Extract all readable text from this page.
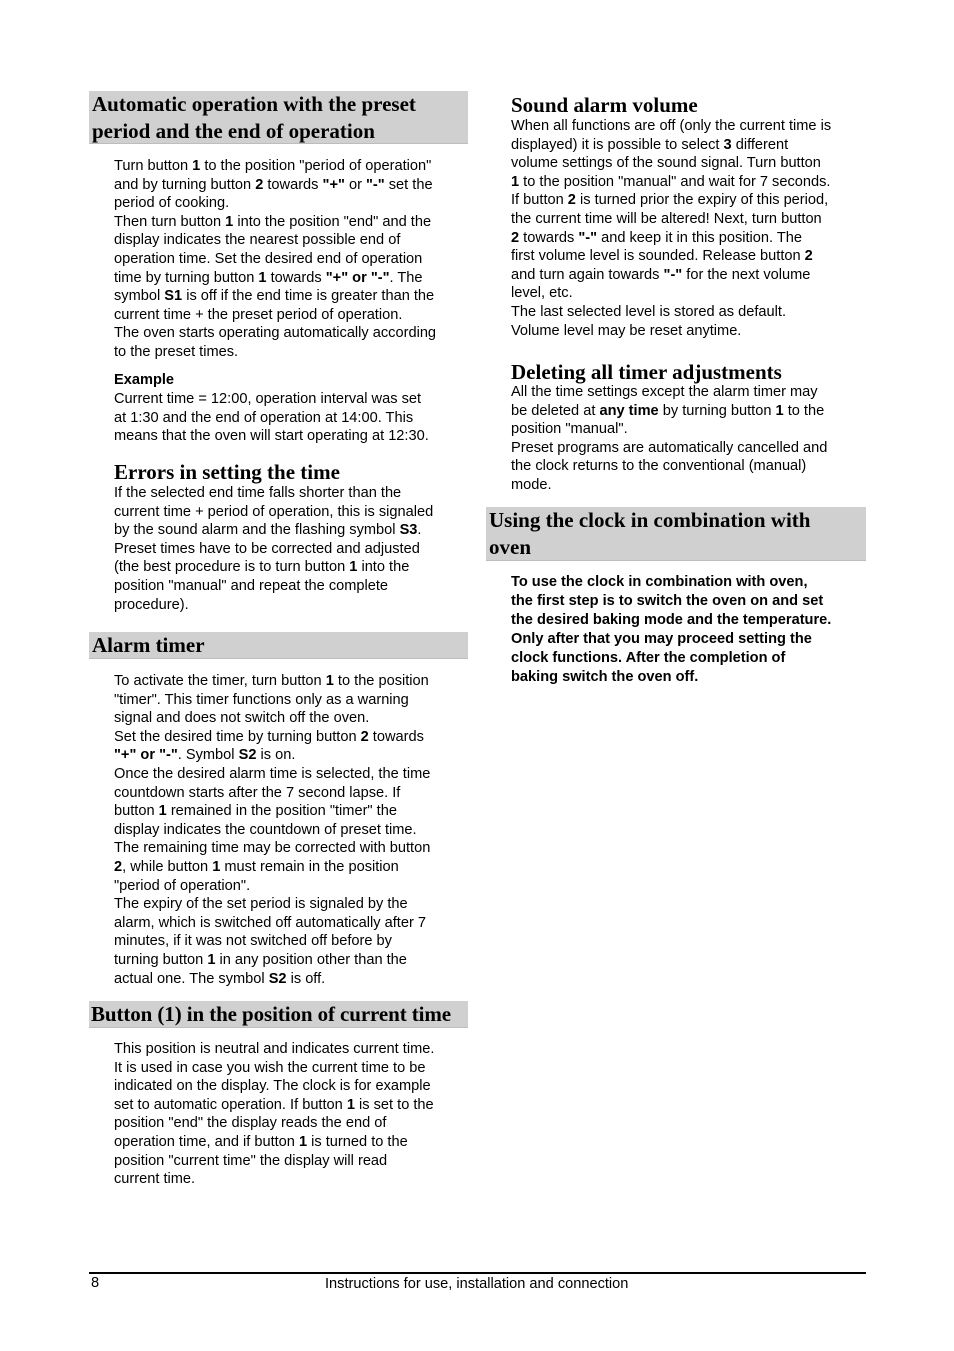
Automatic operation with the preset
period and the end of operation
Turn button 1 to the position "period of operation"
and by turning button 2 towards "+" or "-" set the
period of cooking.
Then turn button 1 into the position "end" and the
display indicates the nearest possible end of
operation time. Set the desired end of operation
time by turning button 1 towards "+" or "-". The
symbol S1 is off if the end time is greater than the
current time + the preset period of operation.
The oven starts operating automatically according
to the preset times.
Example
Current time = 12:00, operation interval was set
at 1:30 and the end of operation at 14:00. This
means that the oven will start operating at 12:30.
Errors in setting the time
If the selected end time falls shorter than the
current time + period of operation, this is signaled
by the sound alarm and the flashing symbol S3.
Preset times have to be corrected and adjusted
(the best procedure is to turn button 1 into the
position "manual" and repeat the complete
procedure).
Alarm timer
To activate the timer, turn button 1 to the position
"timer". This timer functions only as a warning
signal and does not switch off the oven.
Set the desired time by turning button 2 towards
"+" or "-". Symbol S2 is on.
Once the desired alarm time is selected, the time
countdown starts after the 7 second lapse. If
button 1 remained in the position "timer" the
display indicates the countdown of preset time.
The remaining time may be corrected with button
2, while button 1 must remain in the position
"period of operation".
The expiry of the set period is signaled by the
alarm, which is switched off automatically after 7
minutes, if it was not switched off before by
turning button 1 in any position other than the
actual one. The symbol S2 is off.
Button (1) in the position of current time
This position is neutral and indicates current time.
It is used in case you wish the current time to be
indicated on the display. The clock is for example
set to automatic operation. If button 1 is set to the
position "end" the display reads the end of
operation time, and if button 1 is turned to the
position "current time" the display will read
current time.
Sound alarm volume
When all functions are off (only the current time is
displayed) it is possible to select 3 different
volume settings of the sound signal. Turn button
1 to the position "manual" and wait for 7 seconds.
If button 2 is turned prior the expiry of this period,
the current time will be altered! Next, turn button
2 towards "-" and keep it in this position. The
first volume level is sounded. Release button 2
and turn again towards "-" for the next volume
level, etc.
The last selected level is stored as default.
Volume level may be reset anytime.
Deleting all timer adjustments
All the time settings except the alarm timer may
be deleted at any time by turning button 1 to the
position "manual".
Preset programs are automatically cancelled and
the clock returns to the conventional (manual)
mode.
Using the clock in combination with
oven
To use the clock in combination with oven,
the first step is to switch the oven on and set
the desired baking mode and the temperature.
Only after that you may proceed setting the
clock functions. After the completion of
baking switch the oven off.
8	Instructions for use, installation and connection
